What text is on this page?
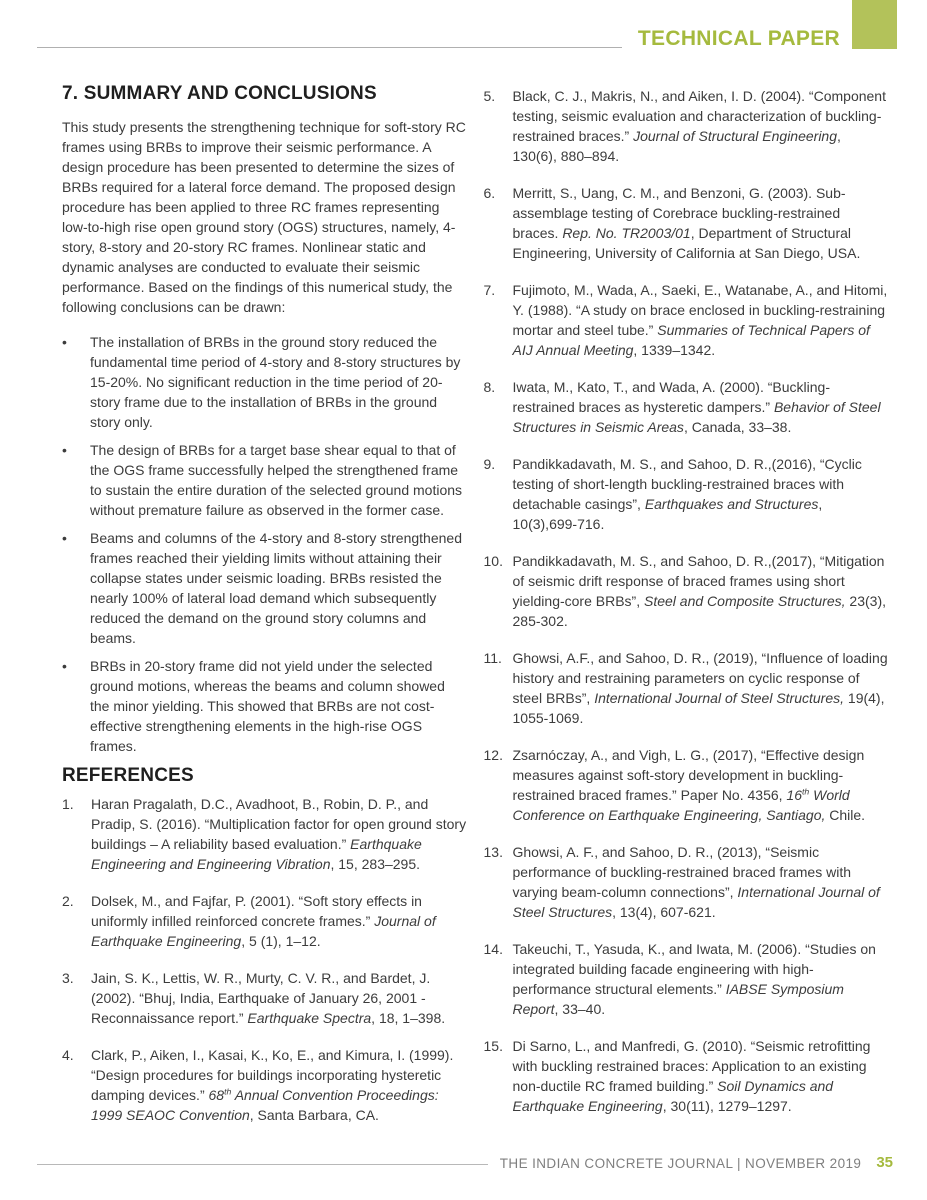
TECHNICAL PAPER
7. SUMMARY AND CONCLUSIONS

This study presents the strengthening technique for soft-story RC frames using BRBs to improve their seismic performance. A design procedure has been presented to determine the sizes of BRBs required for a lateral force demand. The proposed design procedure has been applied to three RC frames representing low-to-high rise open ground story (OGS) structures, namely, 4-story, 8-story and 20-story RC frames. Nonlinear static and dynamic analyses are conducted to evaluate their seismic performance. Based on the findings of this numerical study, the following conclusions can be drawn:

•	The installation of BRBs in the ground story reduced the fundamental time period of 4-story and 8-story structures by 15-20%. No significant reduction in the time period of 20-story frame due to the installation of BRBs in the ground story only.
•	The design of BRBs for a target base shear equal to that of the OGS frame successfully helped the strengthened frame to sustain the entire duration of the selected ground motions without premature failure as observed in the former case.
•	Beams and columns of the 4-story and 8-story strengthened frames reached their yielding limits without attaining their collapse states under seismic loading. BRBs resisted the nearly 100% of lateral load demand which subsequently reduced the demand on the ground story columns and beams.
•	BRBs in 20-story frame did not yield under the selected ground motions, whereas the beams and column showed the minor yielding. This showed that BRBs are not cost-effective strengthening elements in the high-rise OGS frames.
REFERENCES
1.	Haran Pragalath, D.C., Avadhoot, B., Robin, D. P., and Pradip, S. (2016). “Multiplication factor for open ground story buildings – A reliability based evaluation.” Earthquake Engineering and Engineering Vibration, 15, 283–295.
2.	Dolsek, M., and Fajfar, P. (2001). “Soft story effects in uniformly infilled reinforced concrete frames.” Journal of Earthquake Engineering, 5 (1), 1–12.
3.	Jain, S. K., Lettis, W. R., Murty, C. V. R., and Bardet, J. (2002). “Bhuj, India, Earthquake of January 26, 2001 - Reconnaissance report.” Earthquake Spectra, 18, 1–398.
4.	Clark, P., Aiken, I., Kasai, K., Ko, E., and Kimura, I. (1999). “Design procedures for buildings incorporating hysteretic damping devices.” 68th Annual Convention Proceedings: 1999 SEAOC Convention, Santa Barbara, CA.
5.	Black, C. J., Makris, N., and Aiken, I. D. (2004). “Component testing, seismic evaluation and characterization of buckling-restrained braces.” Journal of Structural Engineering, 130(6), 880–894.
6.	Merritt, S., Uang, C. M., and Benzoni, G. (2003). Sub-assemblage testing of Corebrace buckling-restrained braces. Rep. No. TR2003/01, Department of Structural Engineering, University of California at San Diego, USA.
7.	Fujimoto, M., Wada, A., Saeki, E., Watanabe, A., and Hitomi, Y. (1988). “A study on brace enclosed in buckling-restraining mortar and steel tube.” Summaries of Technical Papers of AIJ Annual Meeting, 1339–1342.
8.	Iwata, M., Kato, T., and Wada, A. (2000). “Buckling-restrained braces as hysteretic dampers.” Behavior of Steel Structures in Seismic Areas, Canada, 33–38.
9.	Pandikkadavath, M. S., and Sahoo, D. R.,(2016), “Cyclic testing of short-length buckling-restrained braces with detachable casings”, Earthquakes and Structures, 10(3),699-716.
10. Pandikkadavath, M. S., and Sahoo, D. R.,(2017), “Mitigation of seismic drift response of braced frames using short yielding-core BRBs”, Steel and Composite Structures, 23(3), 285-302.
11. Ghowsi, A.F., and Sahoo, D. R., (2019), “Influence of loading history and restraining parameters on cyclic response of steel BRBs”, International Journal of Steel Structures, 19(4), 1055-1069.
12. Zsarnóczay, A., and Vigh, L. G., (2017), “Effective design measures against soft-story development in buckling-restrained braced frames.” Paper No. 4356, 16th World Conference on Earthquake Engineering, Santiago, Chile.
13. Ghowsi, A. F., and Sahoo, D. R., (2013), “Seismic performance of buckling-restrained braced frames with varying beam-column connections”, International Journal of Steel Structures, 13(4), 607-621.
14. Takeuchi, T., Yasuda, K., and Iwata, M. (2006). “Studies on integrated building facade engineering with high-performance structural elements.” IABSE Symposium Report, 33–40.
15. Di Sarno, L., and Manfredi, G. (2010). “Seismic retrofitting with buckling restrained braces: Application to an existing non-ductile RC framed building.” Soil Dynamics and Earthquake Engineering, 30(11), 1279–1297.
THE INDIAN CONCRETE JOURNAL | NOVEMBER 2019 35
